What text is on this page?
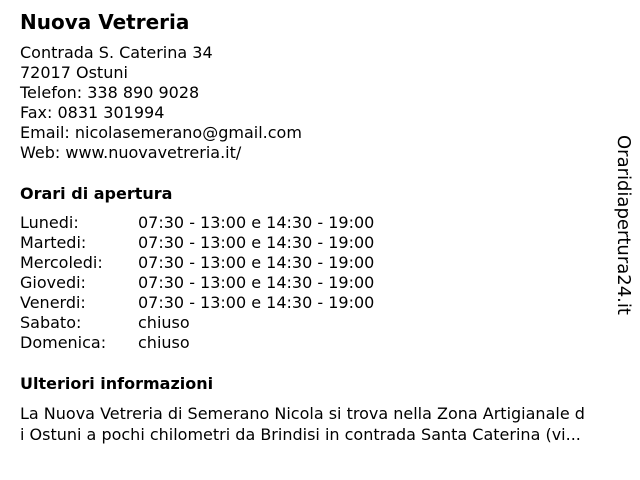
Nuova Vetreria
Contrada S. Caterina 34
72017 Ostuni
Telefon: 338 890 9028
Fax: 0831 301994
Email: nicolasemerano@gmail.com
Web: www.nuovavetreria.it/
Orari di apertura
Lunedi:	07:30 - 13:00 e 14:30 - 19:00
Martedi:	07:30 - 13:00 e 14:30 - 19:00
Mercoledi: 07:30 - 13:00 e 14:30 - 19:00
Giovedi:	07:30 - 13:00 e 14:30 - 19:00
Venerdi:	07:30 - 13:00 e 14:30 - 19:00
Sabato:	chiuso
Domenica: chiuso
Ulteriori informazioni
La Nuova Vetreria di Semerano Nicola si trova nella Zona Artigianale d
i Ostuni a pochi chilometri da Brindisi in contrada Santa Caterina (vi...
Oraridiapertura24.it
